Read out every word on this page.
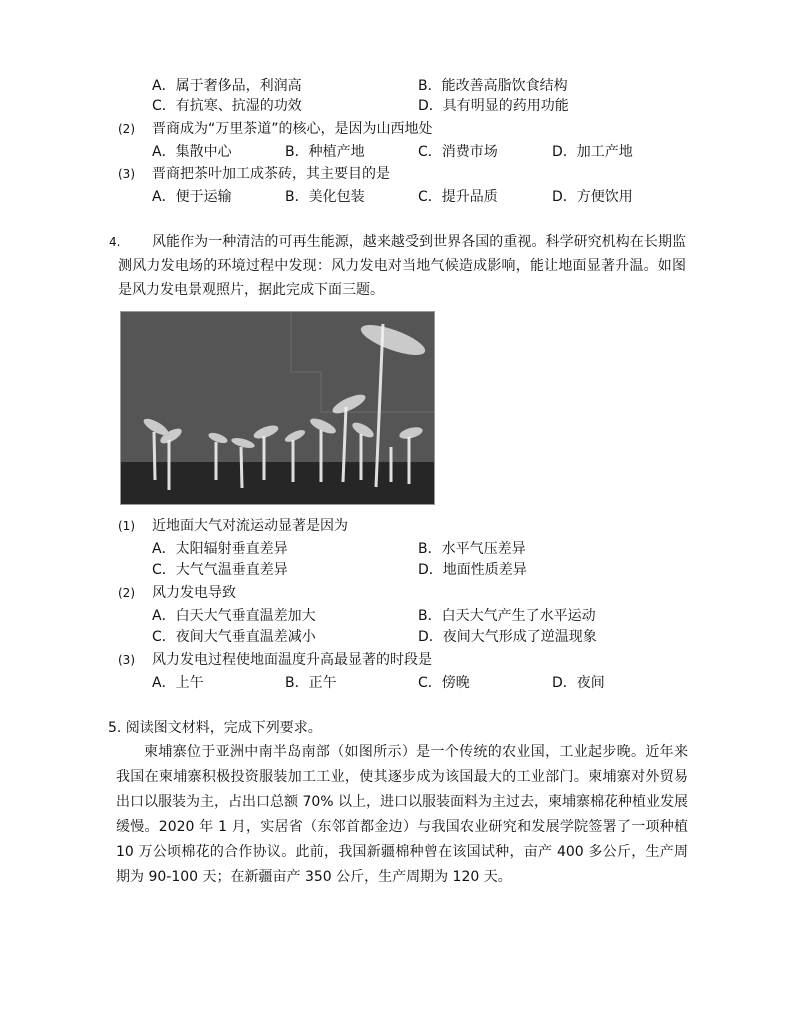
A．属于奢侈品，利润高	B．能改善高脂饮食结构
C．有抗寒、抗湿的功效	D．具有明显的药用功能
(2) 晋商成为“万里茶道”的核心，是因为山西地处
A．集散中心	B．种植产地	C．消费市场	D．加工产地
(3) 晋商把茶叶加工成茶砖，其主要目的是
A．便于运输	B．美化包装	C．提升品质	D．方便饮用
4.	风能作为一种清洁的可再生能源，越来越受到世界各国的重视。科学研究机构在长期监测风力发电场的环境过程中发现：风力发电对当地气候造成影响，能让地面显著升温。如图是风力发电景观照片，据此完成下面三题。
(1) 近地面大气对流运动显著是因为
A．太阳辐射垂直差异	B．水平气压差异
C．大气气温垂直差异	D．地面性质差异
(2) 风力发电导致
A．白天大气垂直温差加大	B．白天大气产生了水平运动
C．夜间大气垂直温差减小	D．夜间大气形成了逆温现象
(3) 风力发电过程使地面温度升高最显著的时段是
A．上午	B．正午	C．傍晚	D．夜间
5. 阅读图文材料，完成下列要求。
柬埔寨位于亚洲中南半岛南部（如图所示）是一个传统的农业国，工业起步晚。近年来我国在柬埔寨积极投资服装加工工业，使其逐步成为该国最大的工业部门。柬埔寨对外贸易出口以服装为主，占出口总额 70% 以上，进口以服装面料为主过去，柬埔寨棉花种植业发展缓慢。2020 年 1 月，实居省（东邻首都金边）与我国农业研究和发展学院签署了一项种植 10 万公顷棉花的合作协议。此前，我国新疆棉种曾在该国试种，亩产 400 多公斤，生产周期为 90-100 天；在新疆亩产 350 公斤，生产周期为 120 天。
